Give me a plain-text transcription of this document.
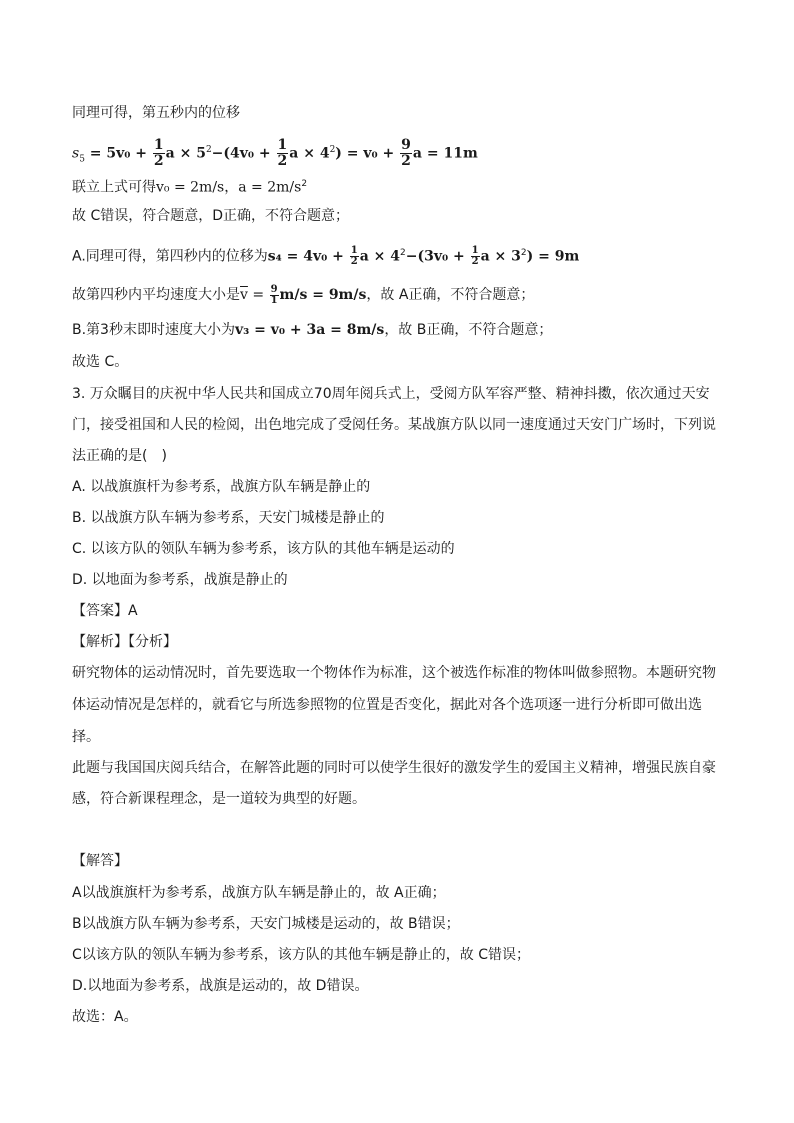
同理可得，第五秒内的位移
$s_5 = 5v_0 + \frac{1}{2}$ $a \times 5^2-(4v_0 + \frac{1}{2}$ $a \times 4^2) = v_0 + \frac{9}{2}$ a = 11m
联立上式可得v₀ = 2m/s，$a = 2m/s^2$
故 C错误，符合题意，D正确，不符合题意；
A.同理可得，第四秒内的位移为$s_4 = 4v_0 + \frac{1}{2}$ $a \times 4^2-(3v_0 + \frac{1}{2}$ $a \times 3^2) = 9m$
故第四秒内平均速度大小是$\overline{v} = \frac{9}{1} m/s = 9m/s$，故 A正确，不符合题意；
B.第3秒末即时速度大小为v₃ = v₀ + 3a = 8m/s，故 B正确，不符合题意；
故选 C。
3. 万众瞩目的庆祝中华人民共和国成立70周年阅兵式上，受阅方队军容严整、精神抖擞，依次通过天安
门，接受祖国和人民的检阅，出色地完成了受阅任务。某战旗方队以同一速度通过天安门广场时，下列说
法正确的是(　)
A. 以战旗旗杆为参考系，战旗方队车辆是静止的
B. 以战旗方队车辆为参考系，天安门城楼是静止的
C. 以该方队的领队车辆为参考系，该方队的其他车辆是运动的
D. 以地面为参考系，战旗是静止的
【答案】A
【解析】【分析】
研究物体的运动情况时，首先要选取一个物体作为标准，这个被选作标准的物体叫做参照物。本题研究物
体运动情况是怎样的，就看它与所选参照物的位置是否变化，据此对各个选项逐一进行分析即可做出选
择。
此题与我国国庆阅兵结合，在解答此题的同时可以使学生很好的激发学生的爱国主义精神，增强民族自豪
感，符合新课程理念，是一道较为典型的好题。
【解答】
A以战旗旗杆为参考系，战旗方队车辆是静止的，故 A正确；
B以战旗方队车辆为参考系，天安门城楼是运动的，故 B错误；
C以该方队的领队车辆为参考系，该方队的其他车辆是静止的，故 C错误；
D.以地面为参考系，战旗是运动的，故 D错误。
故选：A。
